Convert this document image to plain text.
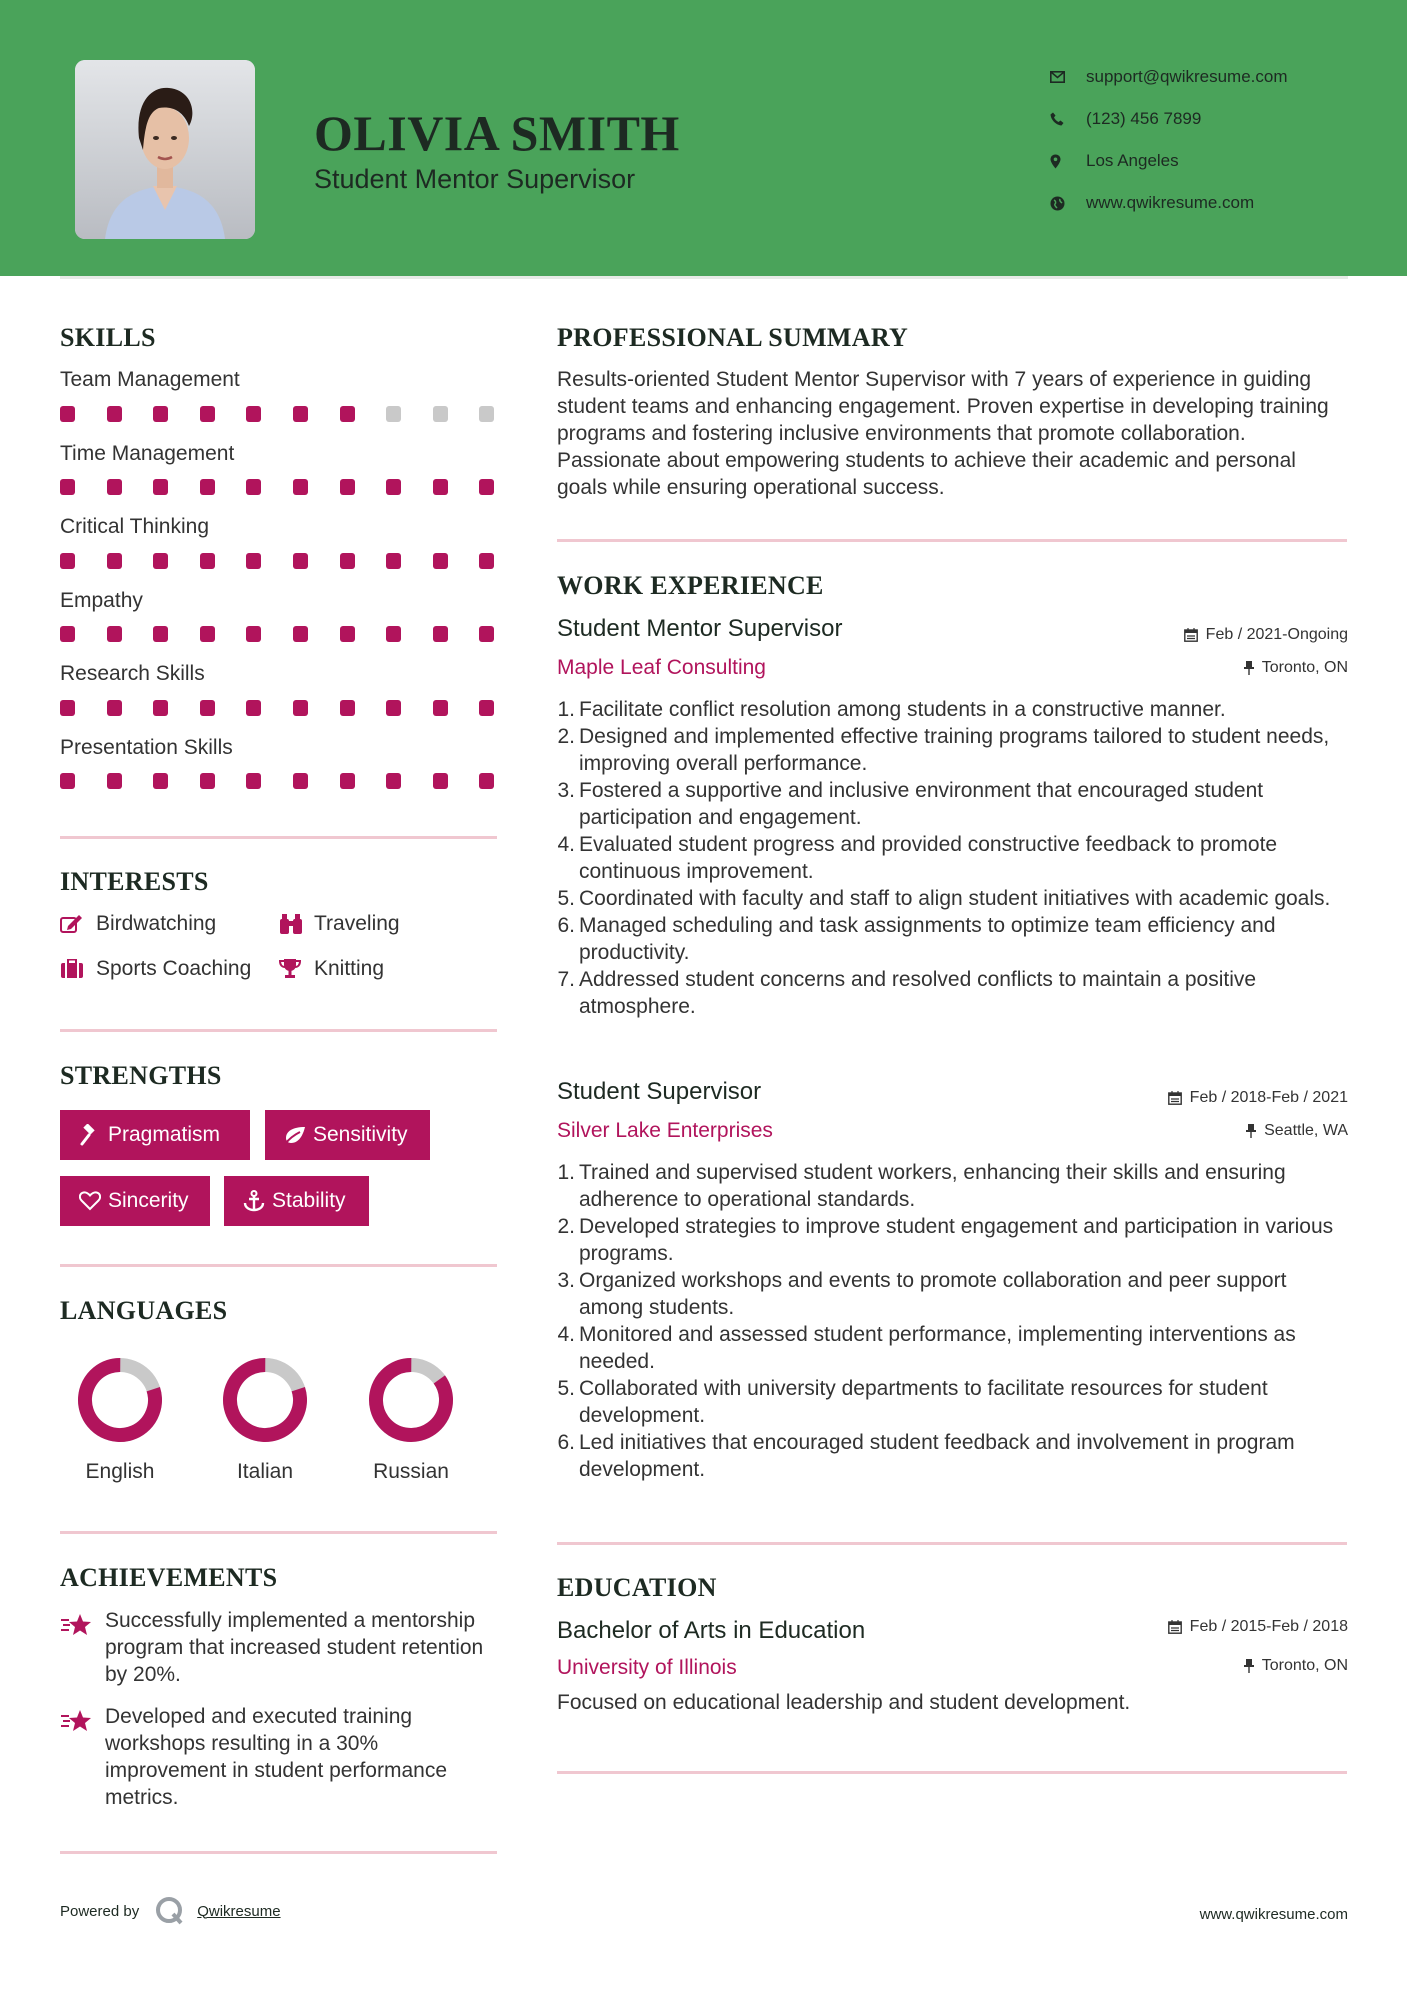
OLIVIA SMITH
Student Mentor Supervisor
support@qwikresume.com
(123) 456 7899
Los Angeles
www.qwikresume.com
SKILLS
Team Management
Time Management
Critical Thinking
Empathy
Research Skills
Presentation Skills
INTERESTS
Birdwatching	Traveling
Sports Coaching	Knitting
STRENGTHS
Pragmatism	Sensitivity
Sincerity	Stability
LANGUAGES
English	Italian	Russian
ACHIEVEMENTS
Successfully implemented a mentorship program that increased student retention by 20%.
Developed and executed training workshops resulting in a 30% improvement in student performance metrics.
PROFESSIONAL SUMMARY
Results-oriented Student Mentor Supervisor with 7 years of experience in guiding student teams and enhancing engagement. Proven expertise in developing training programs and fostering inclusive environments that promote collaboration. Passionate about empowering students to achieve their academic and personal goals while ensuring operational success.
WORK EXPERIENCE
Student Mentor Supervisor	Feb / 2021-Ongoing
Maple Leaf Consulting	Toronto, ON
1. Facilitate conflict resolution among students in a constructive manner.
2. Designed and implemented effective training programs tailored to student needs, improving overall performance.
3. Fostered a supportive and inclusive environment that encouraged student participation and engagement.
4. Evaluated student progress and provided constructive feedback to promote continuous improvement.
5. Coordinated with faculty and staff to align student initiatives with academic goals.
6. Managed scheduling and task assignments to optimize team efficiency and productivity.
7. Addressed student concerns and resolved conflicts to maintain a positive atmosphere.
Student Supervisor	Feb / 2018-Feb / 2021
Silver Lake Enterprises	Seattle, WA
1. Trained and supervised student workers, enhancing their skills and ensuring adherence to operational standards.
2. Developed strategies to improve student engagement and participation in various programs.
3. Organized workshops and events to promote collaboration and peer support among students.
4. Monitored and assessed student performance, implementing interventions as needed.
5. Collaborated with university departments to facilitate resources for student development.
6. Led initiatives that encouraged student feedback and involvement in program development.
EDUCATION
Bachelor of Arts in Education	Feb / 2015-Feb / 2018
University of Illinois	Toronto, ON
Focused on educational leadership and student development.
Powered by	Qwikresume	www.qwikresume.com
